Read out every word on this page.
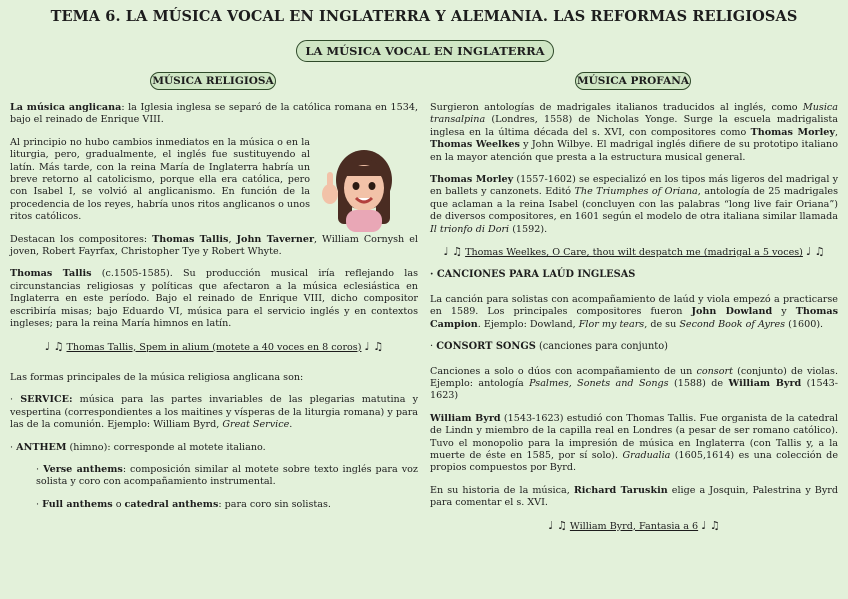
TEMA 6. LA MÚSICA VOCAL EN INGLATERRA Y ALEMANIA. LAS REFORMAS RELIGIOSAS
LA MÚSICA VOCAL EN INGLATERRA
MÚSICA RELIGIOSA	MÚSICA PROFANA

La música anglicana: la Iglesia inglesa se separó de la católica romana en 1534, bajo el reinado de Enrique VIII.

Al principio no hubo cambios inmediatos en la música o en la liturgia, pero, gradualmente, el inglés fue sustituyendo al latín. Más tarde, con la reina María de Inglaterra habría un breve retorno al catolicismo, porque ella era católica, pero con Isabel I, se volvió al anglicanismo. En función de la procedencia de los reyes, habría unos ritos anglicanos o unos ritos católicos.

Destacan los compositores: Thomas Tallis, John Taverner, William Cornysh el joven, Robert Fayrfax, Christopher Tye y Robert Whyte.

Thomas Tallis (c.1505-1585). Su producción musical iría reflejando las circunstancias religiosas y políticas que afectaron a la música eclesiástica en Inglaterra en este período. Bajo el reinado de Enrique VIII, dicho compositor escribiría misas; bajo Eduardo VI, música para el servicio inglés y en contextos ingleses; para la reina María himnos en latín.

♩ ♫ Thomas Tallis, Spem in alium (motete a 40 voces en 8 coros) ♩ ♫

Las formas principales de la música religiosa anglicana son:

· SERVICE: música para las partes invariables de las plegarias matutina y vespertina (correspondientes a los maitines y vísperas de la liturgia romana) y para las de la comunión. Ejemplo: William Byrd, Great Service.

· ANTHEM (himno): corresponde al motete italiano.

· Verse anthems: composición similar al motete sobre texto inglés para voz solista y coro con acompañamiento instrumental.

· Full anthems o catedral anthems: para coro sin solistas.

Surgieron antologías de madrigales italianos traducidos al inglés, como Musica transalpina (Londres, 1558) de Nicholas Yonge. Surge la escuela madrigalista inglesa en la última década del s. XVI, con compositores como Thomas Morley, Thomas Weelkes y John Wilbye. El madrigal inglés difiere de su prototipo italiano en la mayor atención que presta a la estructura musical general.

Thomas Morley (1557-1602) se especializó en los tipos más ligeros del madrigal y en ballets y canzonets. Editó The Triumphes of Oriana, antología de 25 madrigales que aclaman a la reina Isabel (concluyen con las palabras “long live fair Oriana”) de diversos compositores, en 1601 según el modelo de otra italiana similar llamada Il trionfo di Dori (1592).

♩ ♫ Thomas Weelkes, O Care, thou wilt despatch me (madrigal a 5 voces) ♩ ♫

· CANCIONES PARA LAÚD INGLESAS

La canción para solistas con acompañamiento de laúd y viola empezó a practicarse en 1589. Los principales compositores fueron John Dowland y Thomas Campion. Ejemplo: Dowland, Flor my tears, de su Second Book of Ayres (1600).

· CONSORT SONGS (canciones para conjunto)

Canciones a solo o dúos con acompañamiento de un consort (conjunto) de violas. Ejemplo: antología Psalmes, Sonets and Songs (1588) de William Byrd (1543-1623)

William Byrd (1543-1623) estudió con Thomas Tallis. Fue organista de la catedral de Lindn y miembro de la capilla real en Londres (a pesar de ser romano católico). Tuvo el monopolio para la impresión de música en Inglaterra (con Tallis y, a la muerte de éste en 1585, por sí solo). Gradualia (1605,1614) es una colección de propios compuestos por Byrd.

En su historia de la música, Richard Taruskin elige a Josquin, Palestrina y Byrd para comentar el s. XVI.

♩ ♫ William Byrd, Fantasia a 6 ♩ ♫
